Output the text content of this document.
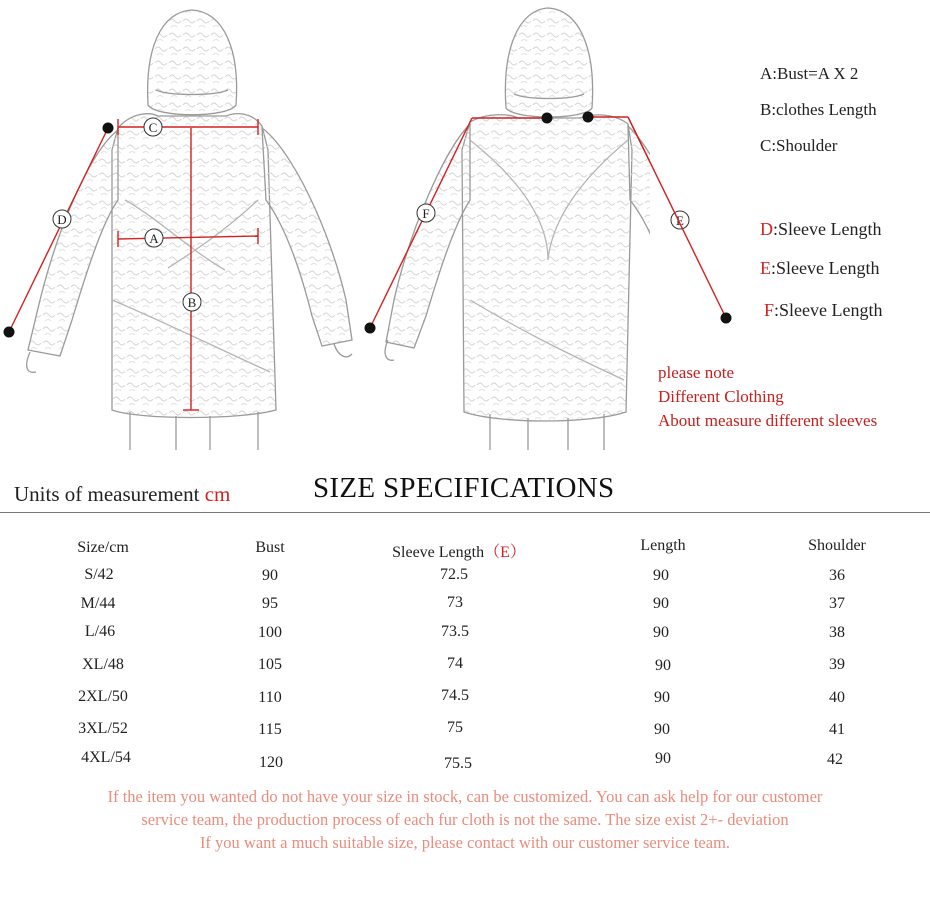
C
A
B
D	F	E
A:Bust=A X 2
B:clothes Length
C:Shoulder
D:Sleeve Length
E:Sleeve Length
F:Sleeve Length
please note
Different Clothing
About measure different sleeves
Units of measurement cm	SIZE SPECIFICATIONS
Size/cm	Bust	Sleeve Length（E）	Length	Shoulder
S/42	90	72.5	90	36
M/44	95	73	90	37
L/46	100	73.5	90	38
XL/48	105	74	90	39
2XL/50	110	74.5	90	40
3XL/52	115	75	90	41
4XL/54	120	75.5	90	42
If the item you wanted do not have your size in stock, can be customized. You can ask help for our customer
service team, the production process of each fur cloth is not the same. The size exist 2+- deviation
If you want a much suitable size, please contact with our customer service team.
